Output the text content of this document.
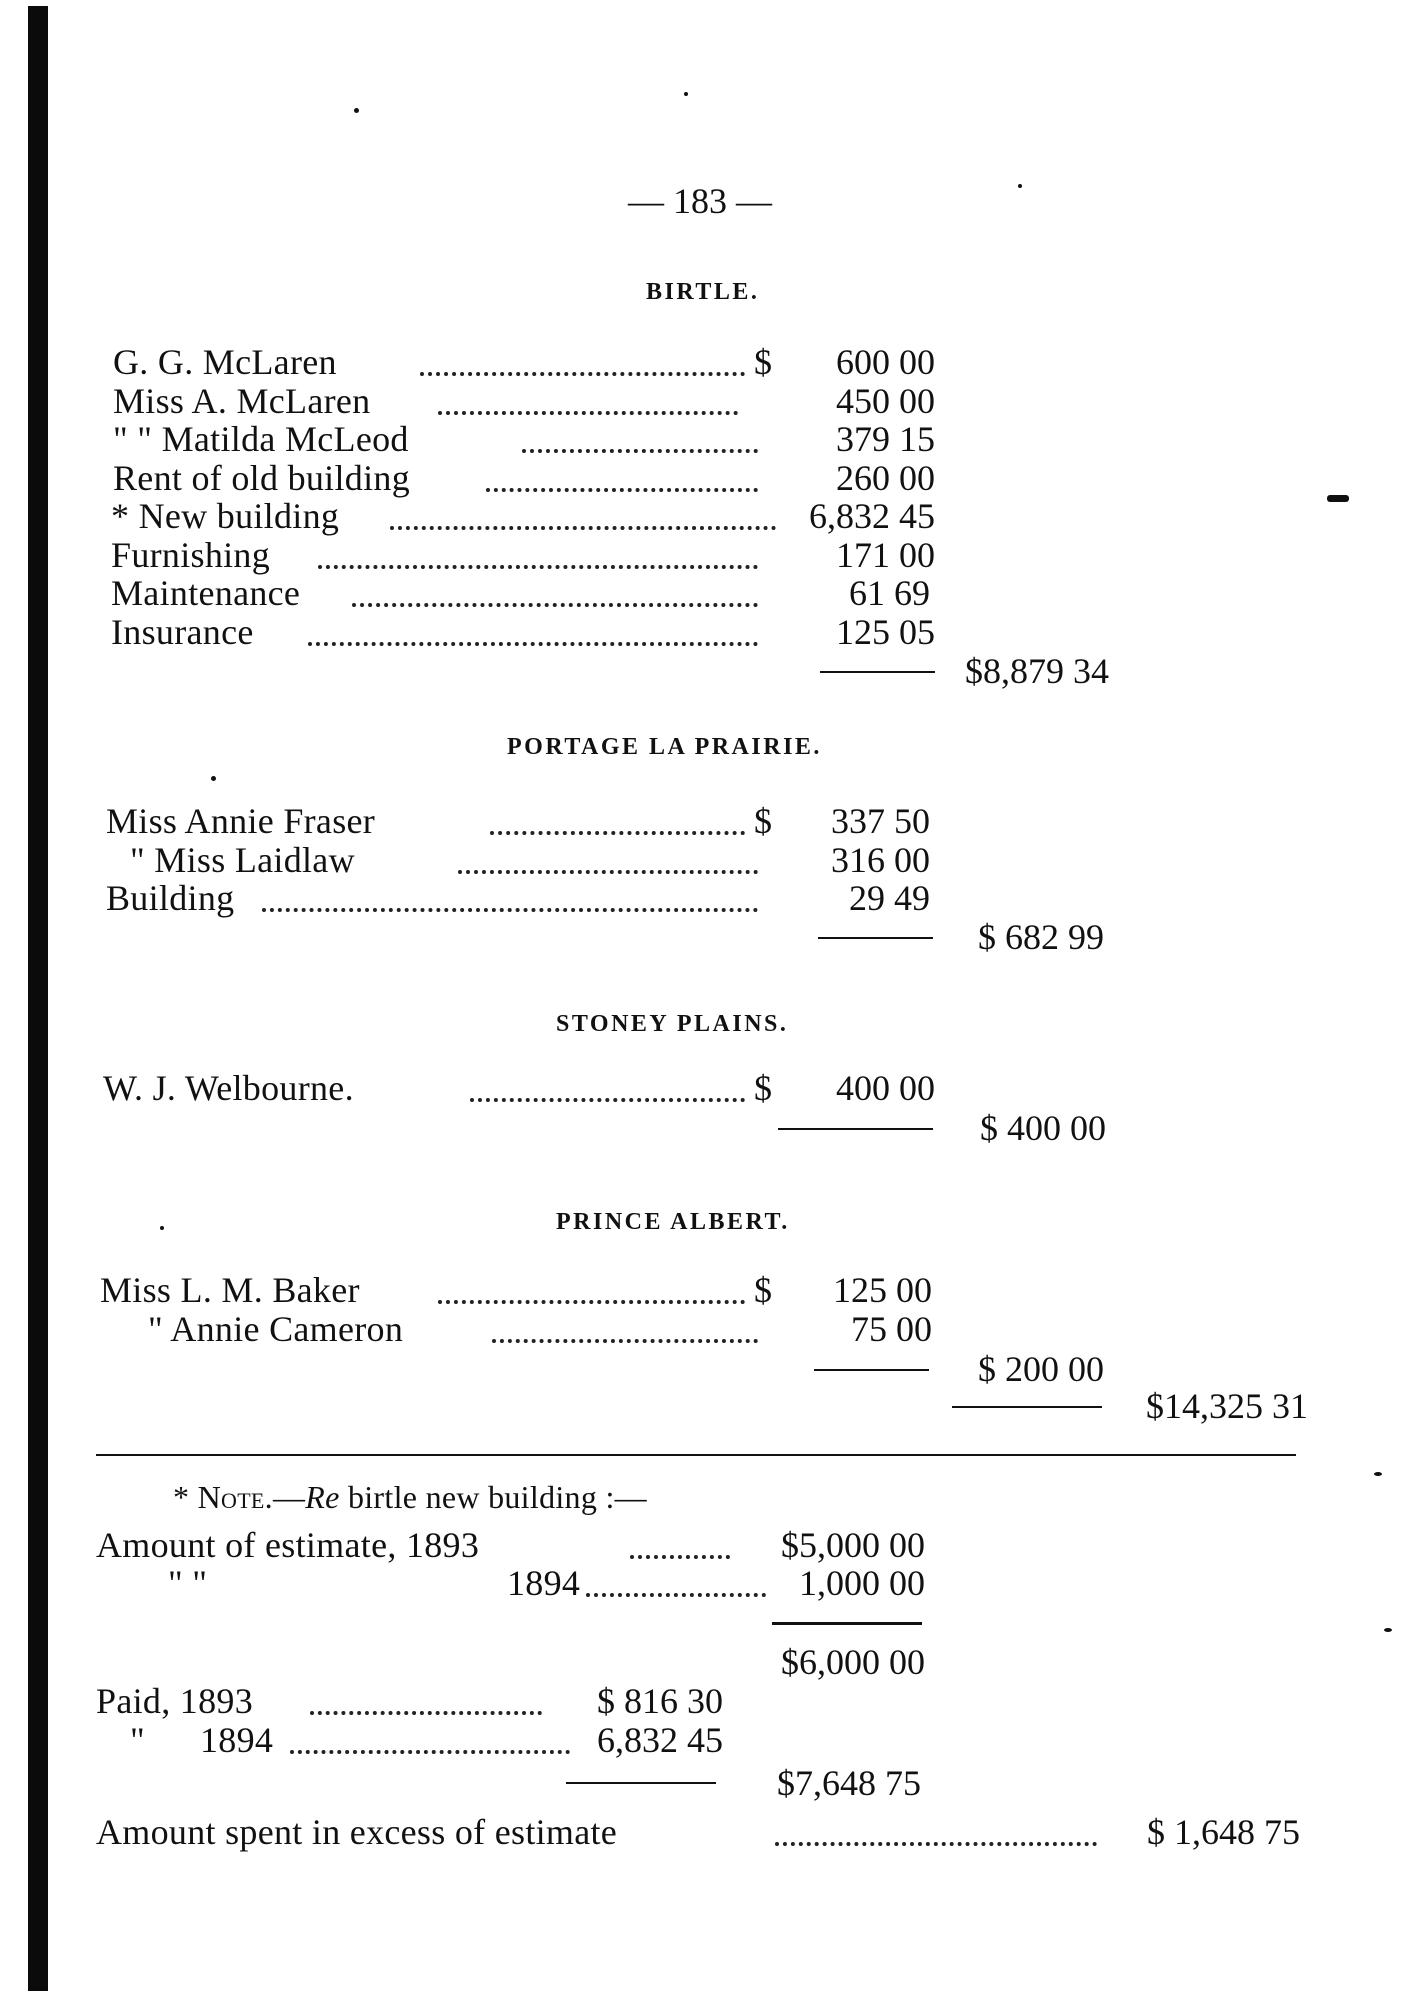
— 183 —
BIRTLE.
G. G. McLaren	$ 600 00
Miss A. McLaren	450 00
" " Matilda McLeod	379 15
Rent of old building	260 00
* New building	6,832 45
Furnishing	171 00
Maintenance	61 69
Insurance	125 05
$8,879 34
PORTAGE LA PRAIRIE.
Miss Annie Fraser	$ 337 50
" Miss Laidlaw	316 00
Building	29 49
$ 682 99
STONEY PLAINS.
W. J. Welbourne.	$ 400 00
$ 400 00
PRINCE ALBERT.
Miss L. M. Baker	$ 125 00
" Annie Cameron	75 00
$ 200 00
$14,325 31
* Note.—Re birtle new building :—
Amount of estimate, 1893	$5,000 00
" "	1894	1,000 00
$6,000 00
Paid, 1893	$ 816 30
" 1894	6,832 45
$7,648 75
Amount spent in excess of estimate	$ 1,648 75
